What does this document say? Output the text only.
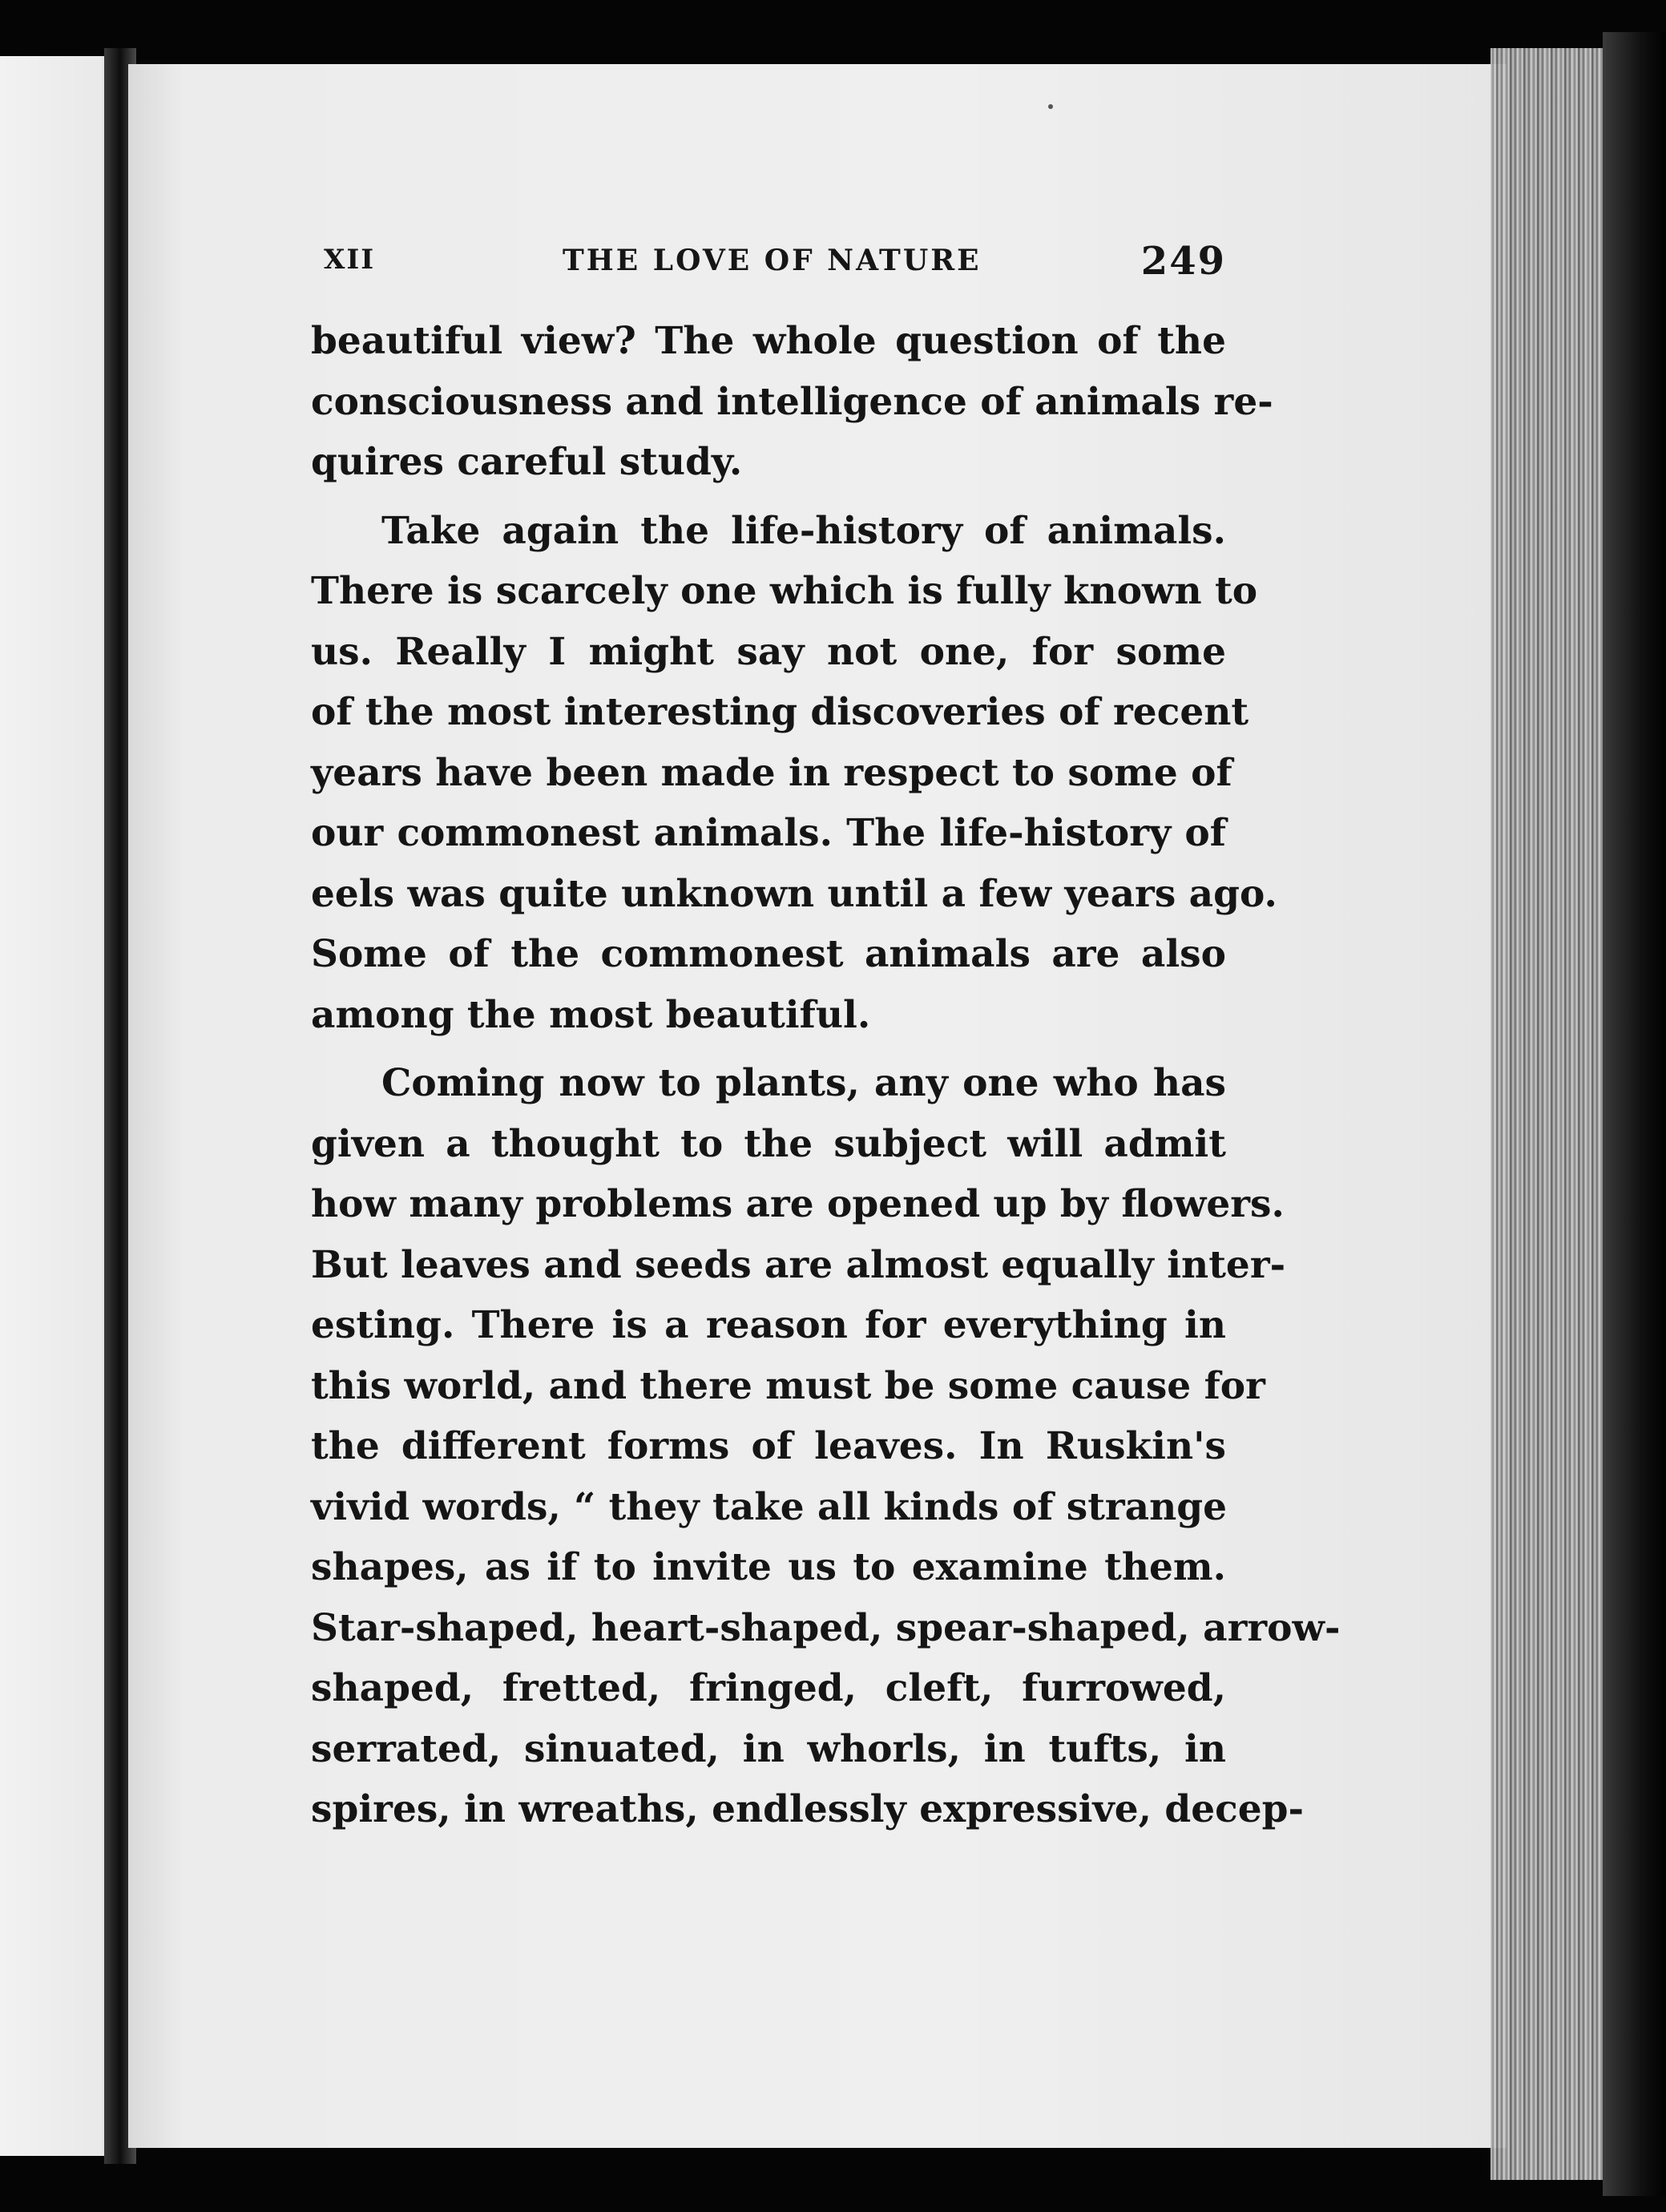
XII	THE LOVE OF NATURE	249
beautiful view? The whole question of the
consciousness and intelligence of animals re-
quires careful study.
Take again the life-history of animals.
There is scarcely one which is fully known to
us. Really I might say not one, for some
of the most interesting discoveries of recent
years have been made in respect to some of
our commonest animals. The life-history of
eels was quite unknown until a few years ago.
Some of the commonest animals are also
among the most beautiful.
Coming now to plants, any one who has
given a thought to the subject will admit
how many problems are opened up by flowers.
But leaves and seeds are almost equally inter-
esting. There is a reason for everything in
this world, and there must be some cause for
the different forms of leaves. In Ruskin's
vivid words, “ they take all kinds of strange
shapes, as if to invite us to examine them.
Star-shaped, heart-shaped, spear-shaped, arrow-
shaped, fretted, fringed, cleft, furrowed,
serrated, sinuated, in whorls, in tufts, in
spires, in wreaths, endlessly expressive, decep-
